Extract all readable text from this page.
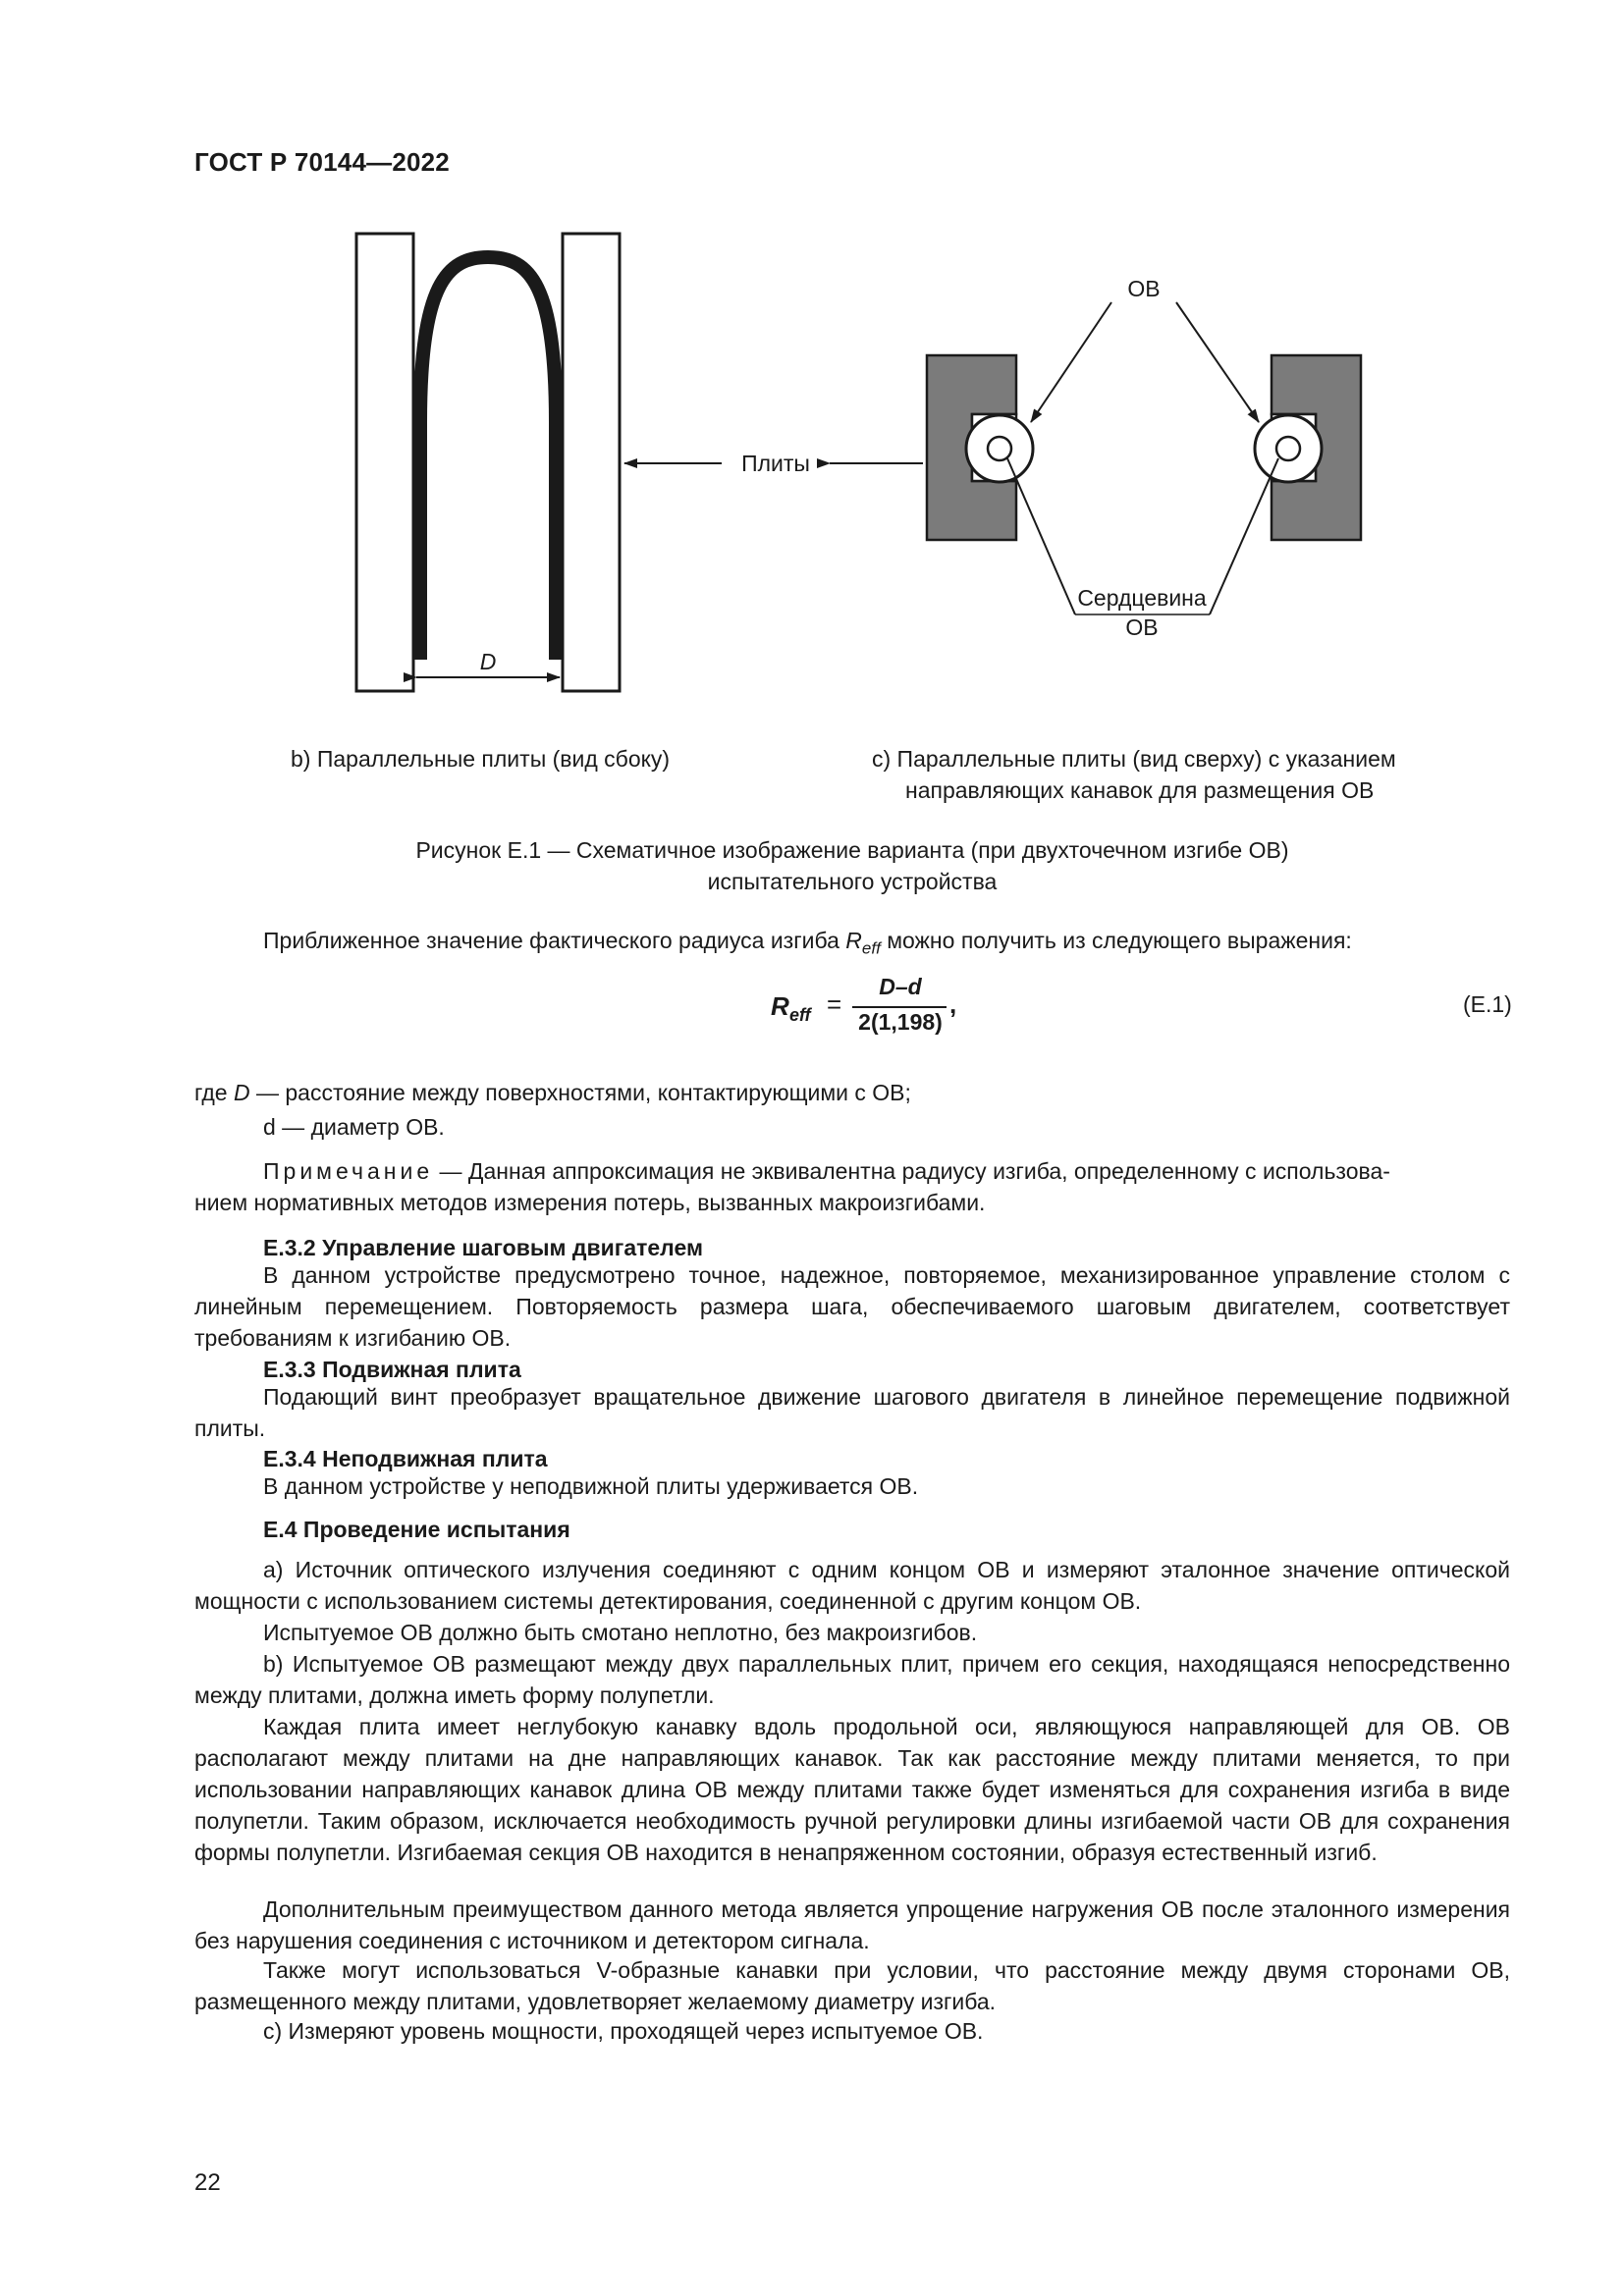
ГОСТ Р 70144—2022
D
Плиты
ОВ
Сердцевина
ОВ
b) Параллельные плиты (вид сбоку)	c) Параллельные плиты (вид сверху) с указанием
направляющих канавок для размещения ОВ
Рисунок Е.1 — Схематичное изображение варианта (при двухточечном изгибе ОВ)
испытательного устройства
Приближенное значение фактического радиуса изгиба $R_{eff}$ можно получить из следующего выражения:
R eff =
D–d
2(1,198)
,	(E.1)
где D — расстояние между поверхностями, контактирующими с ОВ;
d — диаметр ОВ.
Примечание — Данная аппроксимация не эквивалентна радиусу изгиба, определенному с использова-
нием нормативных методов измерения потерь, вызванных макроизгибами.
E.3.2 Управление шаговым двигателем
В данном устройстве предусмотрено точное, надежное, повторяемое, механизированное управление столом с линейным перемещением. Повторяемость размера шага, обеспечиваемого шаговым двигателем, соответствует требованиям к изгибанию ОВ.
E.3.3 Подвижная плита
Подающий винт преобразует вращательное движение шагового двигателя в линейное перемещение подвижной плиты.
E.3.4 Неподвижная плита
В данном устройстве у неподвижной плиты удерживается ОВ.
E.4 Проведение испытания
a) Источник оптического излучения соединяют с одним концом ОВ и измеряют эталонное значение оптической мощности с использованием системы детектирования, соединенной с другим концом ОВ.
Испытуемое ОВ должно быть смотано неплотно, без макроизгибов.
b) Испытуемое ОВ размещают между двух параллельных плит, причем его секция, находящаяся непосредственно между плитами, должна иметь форму полупетли.
Каждая плита имеет неглубокую канавку вдоль продольной оси, являющуюся направляющей для ОВ. ОВ располагают между плитами на дне направляющих канавок. Так как расстояние между плитами меняется, то при использовании направляющих канавок длина ОВ между плитами также будет изменяться для сохранения изгиба в виде полупетли. Таким образом, исключается необходимость ручной регулировки длины изгибаемой части ОВ для сохранения формы полупетли. Изгибаемая секция ОВ находится в ненапряженном состоянии, образуя естественный изгиб.
Дополнительным преимуществом данного метода является упрощение нагружения ОВ после эталонного измерения без нарушения соединения с источником и детектором сигнала.
Также могут использоваться V-образные канавки при условии, что расстояние между двумя сторонами ОВ, размещенного между плитами, удовлетворяет желаемому диаметру изгиба.
c) Измеряют уровень мощности, проходящей через испытуемое ОВ.
22
